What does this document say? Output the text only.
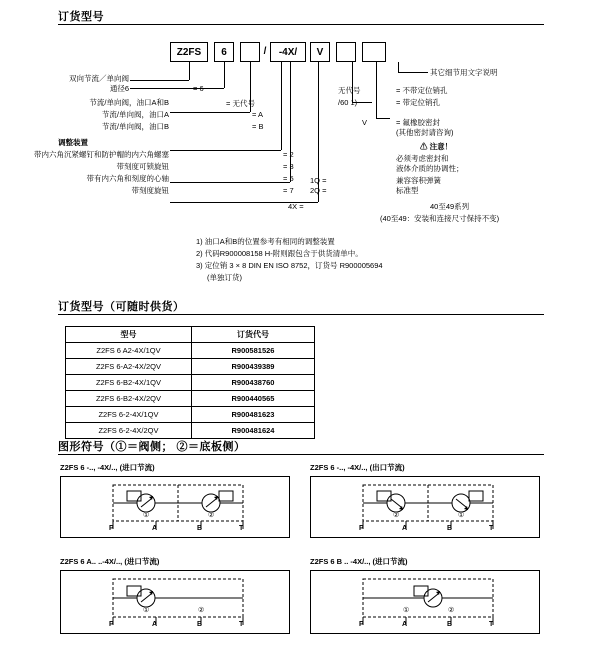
订货型号
Z2FS	6	/	-4X/	V
双向节流／单向阀
通径6	= 6
节流/单向阀，油口A和B	= 无代号
节流/单向阀，油口A	= A
节流/单向阀，油口B	= B
调整装置
带内六角沉紧螺钉和防护帽的内六角螺塞	= 2
带刻度可锁旋钮	= 3
带有内六角和刻度的心轴	= 5
带刻度旋钮	= 7
其它细节用文字说明
无代号	= 不带定位销孔
/60 1)	= 带定位销孔
V	= 氟橡胶密封
(其他密封请咨询)
⚠ 注意！
必须考虑密封和
液体介质的协调性；
兼容容积弹簧
标准型
1Q =
2Q =
4X =	40至49系列
(40至49：安装和连接尺寸保持不变)
1) 油口A和B的位置参考有相同的调整装置
2) 代码R900008158 H-附则跟包含于供货清单中。
3) 定位销 3 × 8 DIN EN ISO 8752，订货号 R900005694
(单独订货)
订货型号（可随时供货）
型号	订货代号
Z2FS 6 A2-4X/1QV	R900581526
Z2FS 6-A2-4X/2QV	R900439389
Z2FS 6-B2-4X/1QV	R900438760
Z2FS 6-B2-4X/2QV	R900440565
Z2FS 6-2-4X/1QV	R900481623
Z2FS 6-2-4X/2QV	R900481624
图形符号（①＝阀侧； ②＝底板侧）
Z2FS 6 -.., -4X/.., (进口节流)
①	②
P	A	B	T
Z2FS 6 -.., -4X/.., (出口节流)
②	①
P	A	B	T
Z2FS 6 A.. ..-4X/.., (进口节流)
①	②
P	A	B	T
Z2FS 6 B .. -4X/.., (进口节流)
①	②
P	A	B	T
